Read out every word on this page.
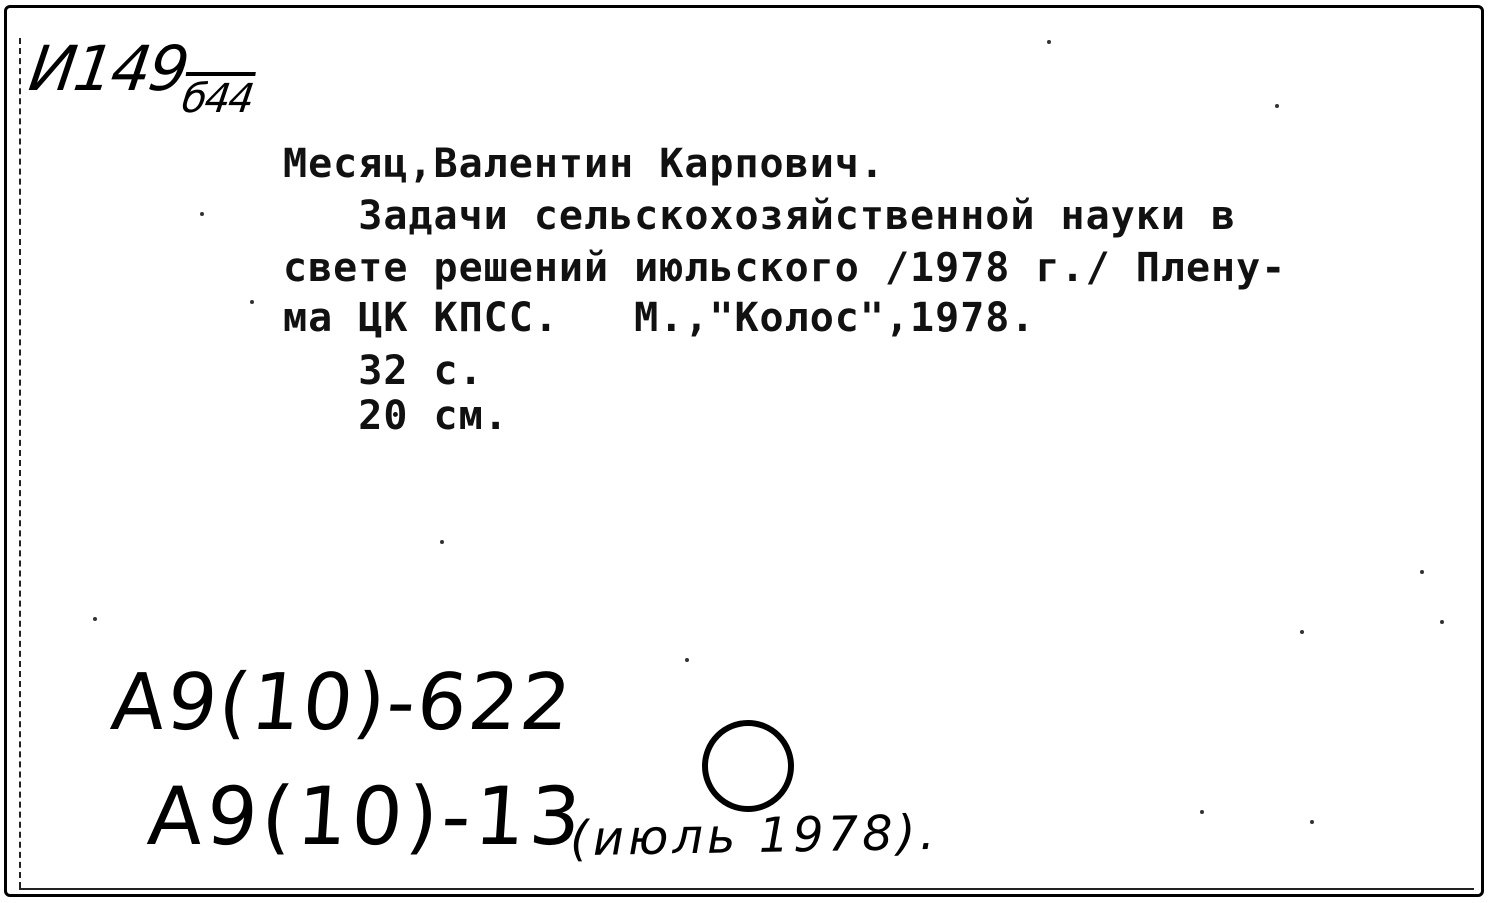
$И149_{б44}$
Месяц,Валентин Карпович.
Задачи сельскохозяйственной науки в
свете решений июльского /1978 г./ Плену-
ма ЦК КПСС.   М.,"Колос",1978.
32 с.
20 см.
A9(10)-622
A9(10)-13
(июль 1978).
